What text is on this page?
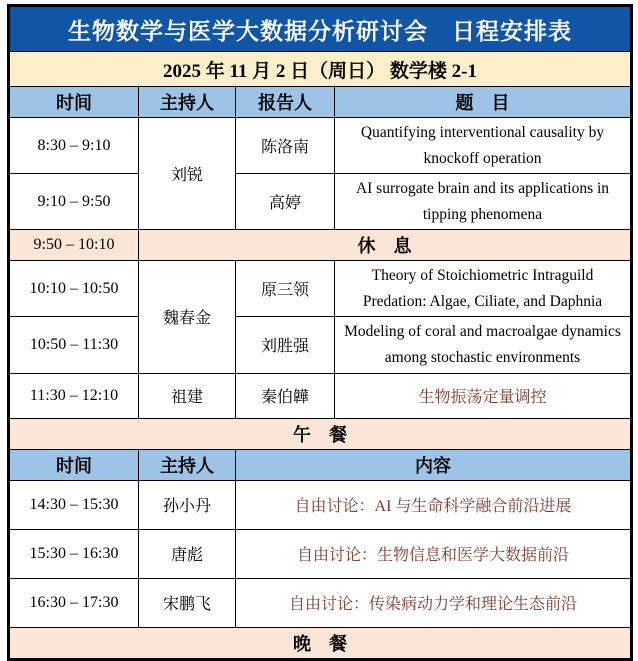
生物数学与医学大数据分析研讨会　日程安排表			
2025 年 11 月 2 日（周日） 数学楼 2-1			
时间	主持人	报告人	题　目
8:30 – 9:10	刘锐	陈洛南	Quantifying interventional causality by knockoff operation
9:10 – 9:50		高婷	AI surrogate brain and its applications in tipping phenomena
9:50 – 10:10	休　息		
10:10 – 10:50	魏春金	原三领	Theory of Stoichiometric Intraguild Predation: Algae, Ciliate, and Daphnia
10:50 – 11:30		刘胜强	Modeling of coral and macroalgae dynamics among stochastic environments
11:30 – 12:10	祖建	秦伯韡	生物振荡定量调控
午　餐			
时间	主持人	内容	
14:30 – 15:30	孙小丹	自由讨论：AI 与生命科学融合前沿进展	
15:30 – 16:30	唐彪	自由讨论：生物信息和医学大数据前沿	
16:30 – 17:30	宋鹏飞	自由讨论：传染病动力学和理论生态前沿	
晚　餐			
